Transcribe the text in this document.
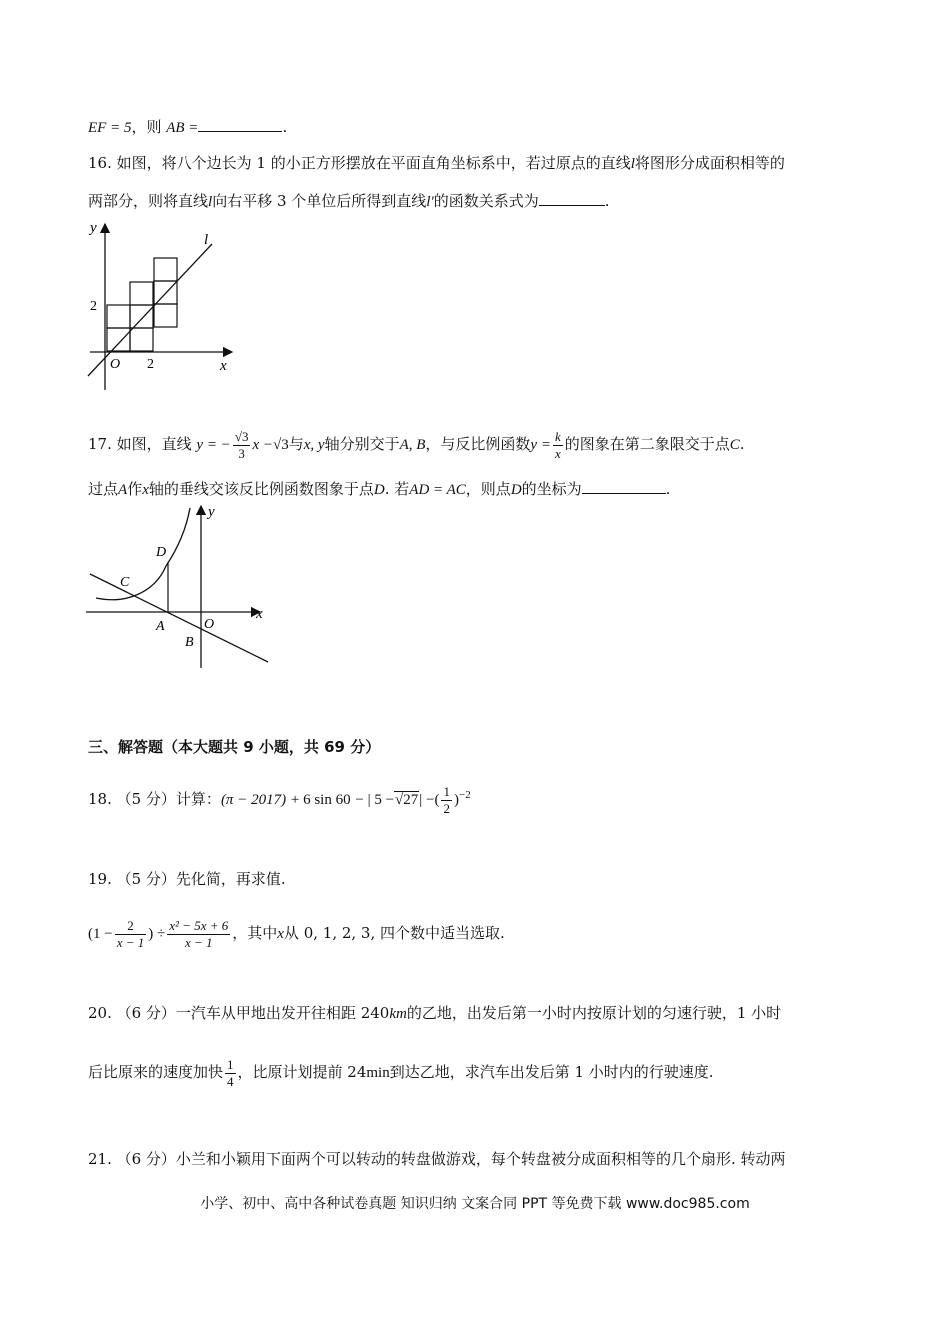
EF = 5，则 AB =	.
16. 如图，将八个边长为 1 的小正方形摆放在平面直角坐标系中，若过原点的直线l将图形分成面积相等的
两部分，则将直线l向右平移 3 个单位后所得到直线l′的函数关系式为	.
y
x
l
O 2
2
17. 如图，直线 y = − $\frac{√3}{3}$ x −√3与x, y轴分别交于A, B，与反比例函数$y = \frac{k}{x}$ 的图象在第二象限交于点C.
过点A作x轴的垂线交该反比例函数图象于点D. 若AD = AC，则点D的坐标为	.
y
x
C
D
A	O
B
三、解答题（本大题共 9 小题，共 69 分）
18. （5 分）计算：(π − 2017) + 6 sin 60 − | 5 −√27| −( $\frac{1}{2} )^{-2}$
19. （5 分）先化简，再求值.
($1 - \frac{2}{x - 1}$ ) ÷ $\frac{\text{x² − 5x + 6}}{x - 1}$ ，其中x从 0, 1, 2, 3, 四个数中适当选取.
20. （6 分）一汽车从甲地出发开往相距 240km的乙地，出发后第一小时内按原计划的匀速行驶，1 小时
后比原来的速度加快 $\frac{1}{4}$ ，比原计划提前 24min到达乙地，求汽车出发后第 1 小时内的行驶速度.
21. （6 分）小兰和小颖用下面两个可以转动的转盘做游戏，每个转盘被分成面积相等的几个扇形. 转动两
小学、初中、高中各种试卷真题 知识归纳 文案合同 PPT 等免费下载 www.doc985.com
